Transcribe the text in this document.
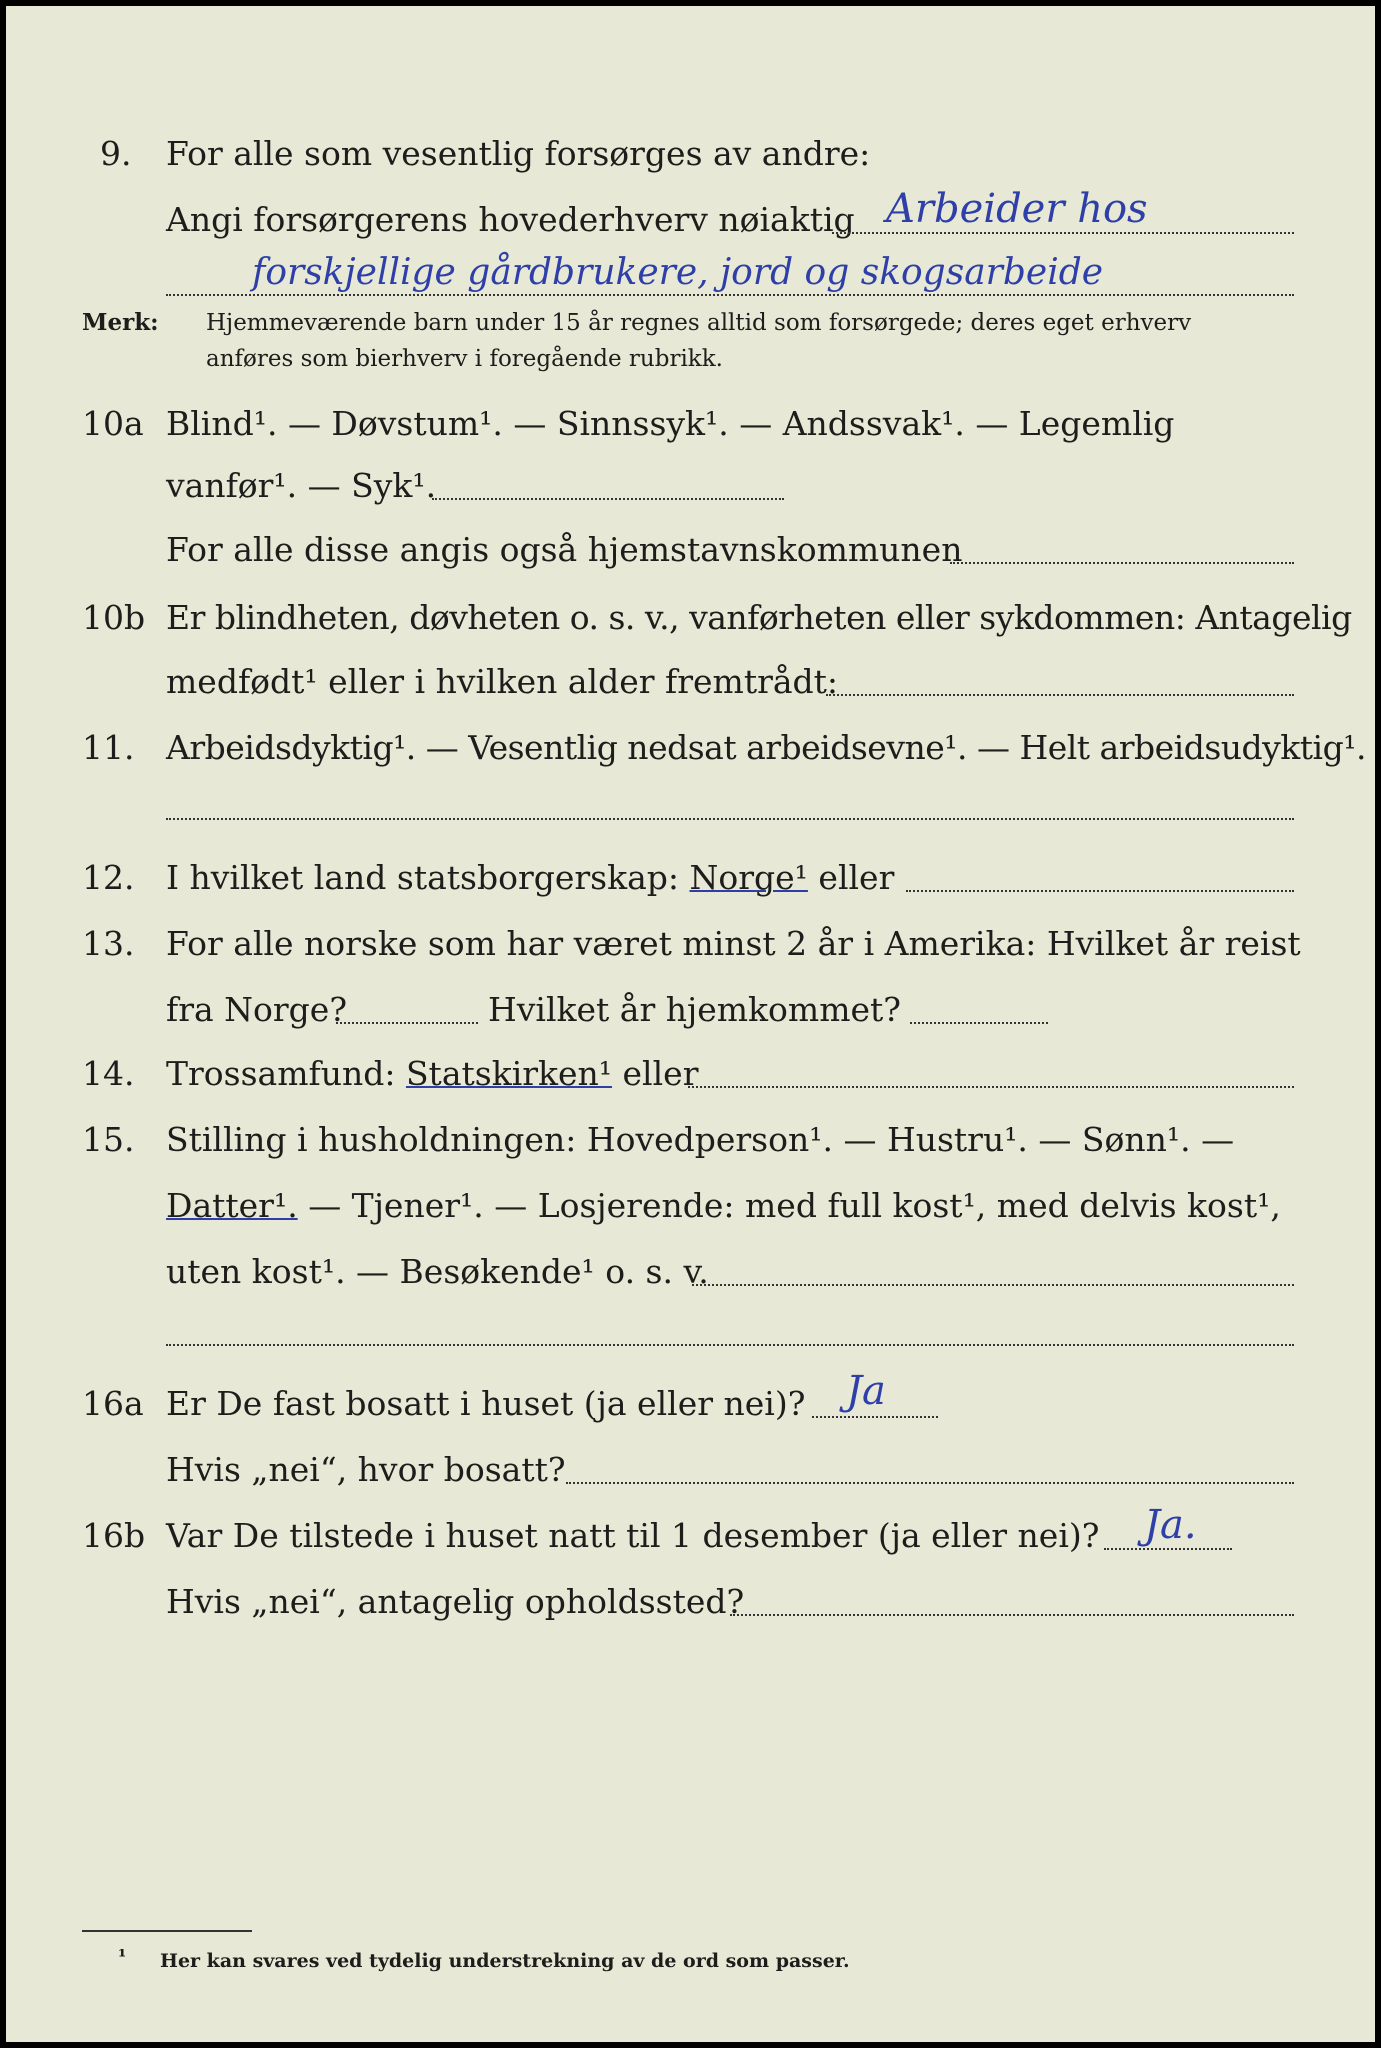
9. For alle som vesentlig forsørges av andre:
Angi forsørgerens hovederhverv nøiaktig Arbeider hos
forskjellige gårdbrukere, jord og skogsarbeide
Merk: Hjemmeværende barn under 15 år regnes alltid som forsørgede; deres eget erhverv
anføres som bierhverv i foregående rubrikk.
10a Blind¹. — Døvstum¹. — Sinnssyk¹. — Andssvak¹. — Legemlig
vanfør¹. — Syk¹.
For alle disse angis også hjemstavnskommunen
10b Er blindheten, døvheten o. s. v., vanførheten eller sykdommen: Antagelig
medfødt¹ eller i hvilken alder fremtrådt:
11. Arbeidsdyktig¹. — Vesentlig nedsat arbeidsevne¹. — Helt arbeidsudyktig¹.
12. I hvilket land statsborgerskap: Norge¹ eller
13. For alle norske som har været minst 2 år i Amerika: Hvilket år reist
fra Norge?	Hvilket år hjemkommet?
14. Trossamfund: Statskirken¹ eller
15. Stilling i husholdningen: Hovedperson¹. — Hustru¹. — Sønn¹. —
Datter¹. — Tjener¹. — Losjerende: med full kost¹, med delvis kost¹,
uten kost¹. — Besøkende¹ o. s. v.
16a Er De fast bosatt i huset (ja eller nei)? Ja
Hvis „nei“, hvor bosatt?
16b Var De tilstede i huset natt til 1 desember (ja eller nei)? Ja.
Hvis „nei“, antagelig opholdssted?
¹ Her kan svares ved tydelig understrekning av de ord som passer.
